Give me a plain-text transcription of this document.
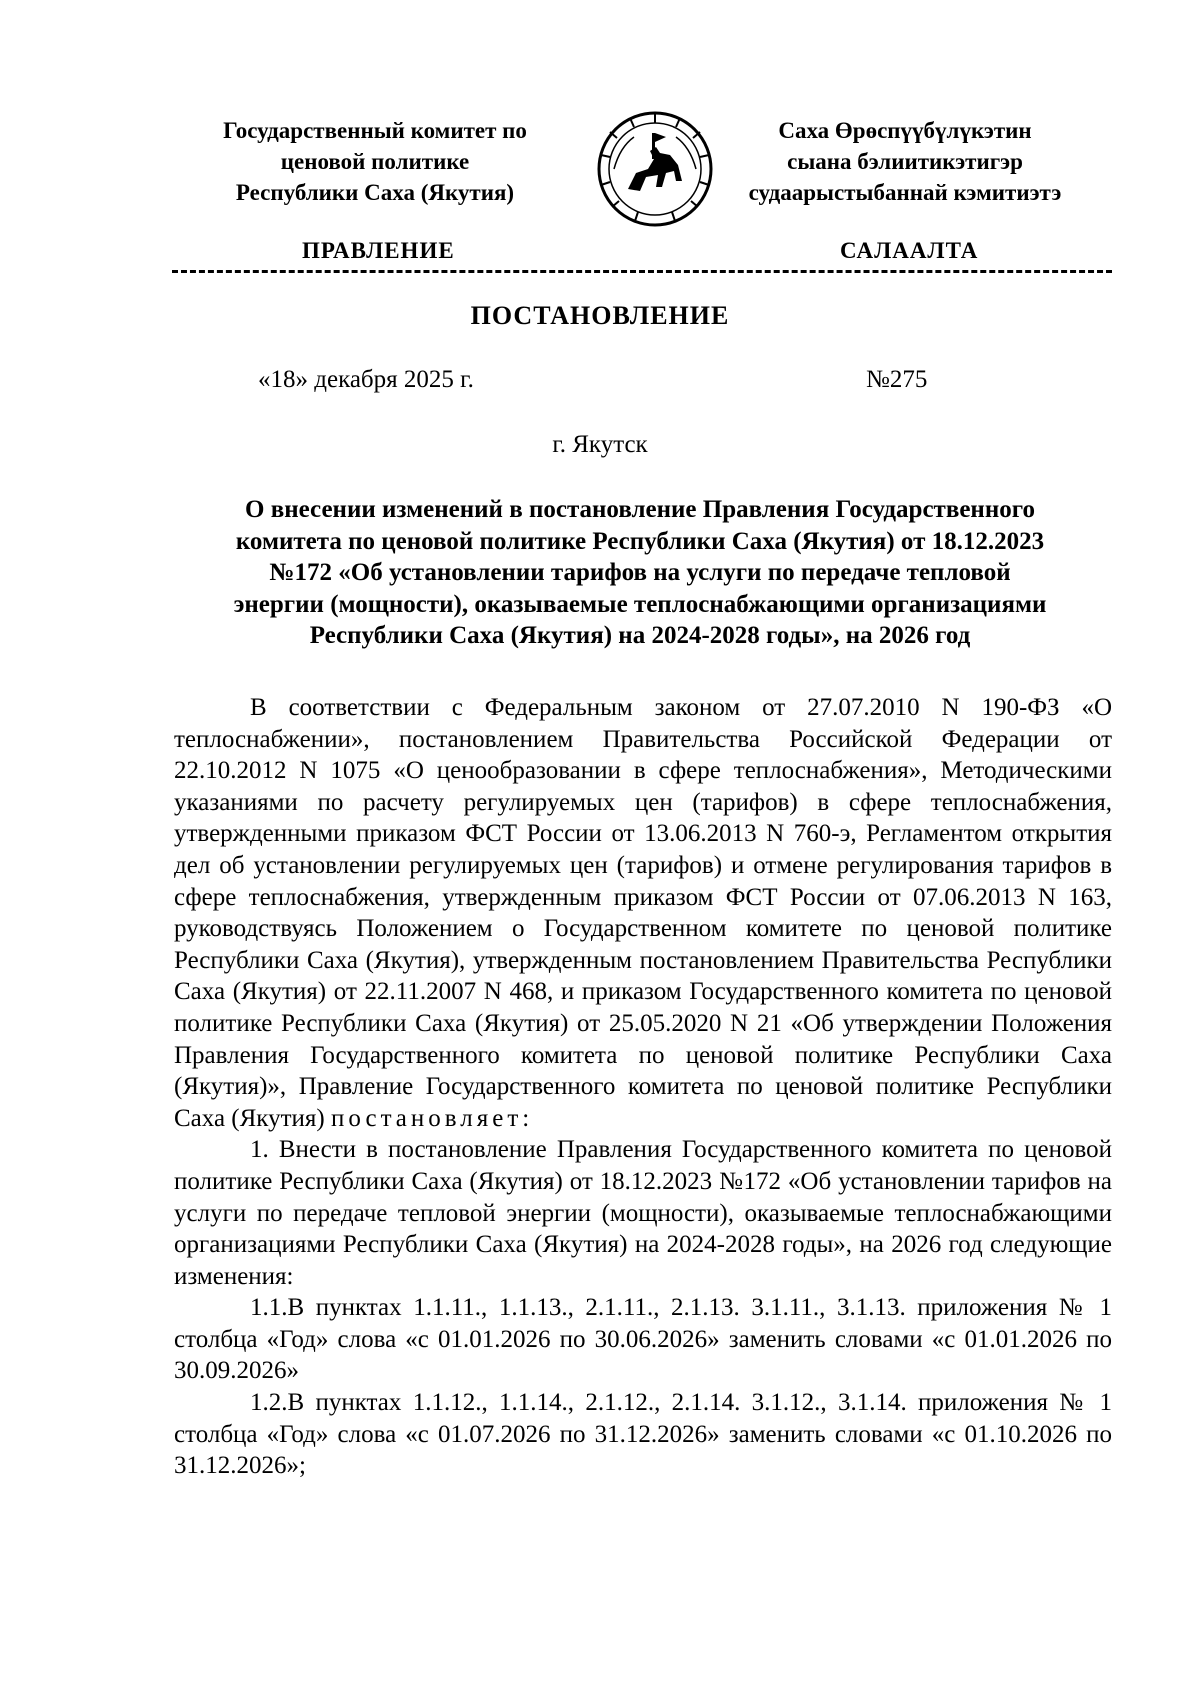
Государственный комитет по
ценовой политике
Республики Саха (Якутия)
Саха Өрөспүүбүлүкэтин
сыана бэлиитикэтигэр
судаарыстыбаннай кэмитиэтэ
ПРАВЛЕНИЕ	САЛААЛТА
ПОСТАНОВЛЕНИЕ
«18» декабря 2025 г.	№275
г. Якутск
О внесении изменений в постановление Правления Государственного
комитета по ценовой политике Республики Саха (Якутия) от 18.12.2023
№172 «Об установлении тарифов на услуги по передаче тепловой
энергии (мощности), оказываемые теплоснабжающими организациями
Республики Саха (Якутия) на 2024-2028 годы», на 2026 год

В соответствии с Федеральным законом от 27.07.2010 N 190-ФЗ «О теплоснабжении», постановлением Правительства Российской Федерации от 22.10.2012 N 1075 «О ценообразовании в сфере теплоснабжения», Методическими указаниями по расчету регулируемых цен (тарифов) в сфере теплоснабжения, утвержденными приказом ФСТ России от 13.06.2013 N 760-э, Регламентом открытия дел об установлении регулируемых цен (тарифов) и отмене регулирования тарифов в сфере теплоснабжения, утвержденным приказом ФСТ России от 07.06.2013 N 163, руководствуясь Положением о Государственном комитете по ценовой политике Республики Саха (Якутия), утвержденным постановлением Правительства Республики Саха (Якутия) от 22.11.2007 N 468, и приказом Государственного комитета по ценовой политике Республики Саха (Якутия) от 25.05.2020 N 21 «Об утверждении Положения Правления Государственного комитета по ценовой политике Республики Саха (Якутия)», Правление Государственного комитета по ценовой политике Республики Саха (Якутия) постановляет:

1. Внести в постановление Правления Государственного комитета по ценовой политике Республики Саха (Якутия) от 18.12.2023 №172 «Об установлении тарифов на услуги по передаче тепловой энергии (мощности), оказываемые теплоснабжающими организациями Республики Саха (Якутия) на 2024-2028 годы», на 2026 год следующие изменения:

1.1.В пунктах 1.1.11., 1.1.13., 2.1.11., 2.1.13. 3.1.11., 3.1.13. приложения № 1 столбца «Год» слова «с 01.01.2026 по 30.06.2026» заменить словами «с 01.01.2026 по 30.09.2026»

1.2.В пунктах 1.1.12., 1.1.14., 2.1.12., 2.1.14. 3.1.12., 3.1.14. приложения № 1 столбца «Год» слова «с 01.07.2026 по 31.12.2026» заменить словами «с 01.10.2026 по 31.12.2026»;
